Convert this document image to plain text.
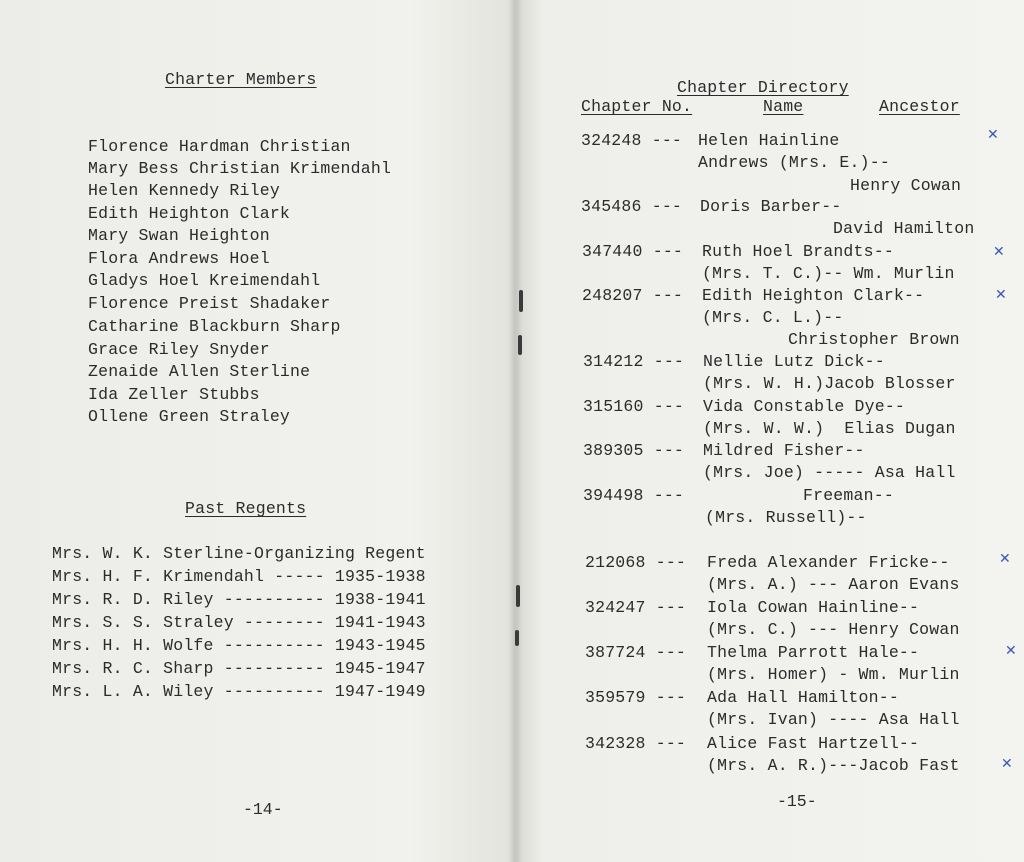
Charter Members
Florence Hardman Christian
Mary Bess Christian Krimendahl
Helen Kennedy Riley
Edith Heighton Clark
Mary Swan Heighton
Flora Andrews Hoel
Gladys Hoel Kreimendahl
Florence Preist Shadaker
Catharine Blackburn Sharp
Grace Riley Snyder
Zenaide Allen Sterline
Ida Zeller Stubbs
Ollene Green Straley
Past Regents
Mrs. W. K. Sterline-Organizing Regent
Mrs. H. F. Krimendahl ----- 1935-1938
Mrs. R. D. Riley ---------- 1938-1941
Mrs. S. S. Straley -------- 1941-1943
Mrs. H. H. Wolfe ---------- 1943-1945
Mrs. R. C. Sharp ---------- 1945-1947
Mrs. L. A. Wiley ---------- 1947-1949
-14-
Chapter Directory
Chapter No.	Name	Ancestor
324248 --- Helen Hainline
Andrews (Mrs. E.)--
Henry Cowan
✕
345486 --- Doris Barber--
David Hamilton
347440 --- Ruth Hoel Brandts--
(Mrs. T. C.)-- Wm. Murlin
✕
248207 --- Edith Heighton Clark--
(Mrs. C. L.)--
Christopher Brown
✕
314212 --- Nellie Lutz Dick--
(Mrs. W. H.)Jacob Blosser
315160 --- Vida Constable Dye--
(Mrs. W. W.)  Elias Dugan
389305 --- Mildred Fisher--
(Mrs. Joe) ----- Asa Hall
394498 ---	Freeman--
(Mrs. Russell)--
212068 --- Freda Alexander Fricke--
(Mrs. A.) --- Aaron Evans
✕
324247 --- Iola Cowan Hainline--
(Mrs. C.) --- Henry Cowan
387724 --- Thelma Parrott Hale--
(Mrs. Homer) - Wm. Murlin
✕
359579 --- Ada Hall Hamilton--
(Mrs. Ivan) ---- Asa Hall
342328 --- Alice Fast Hartzell--
(Mrs. A. R.)---Jacob Fast	✕
-15-
